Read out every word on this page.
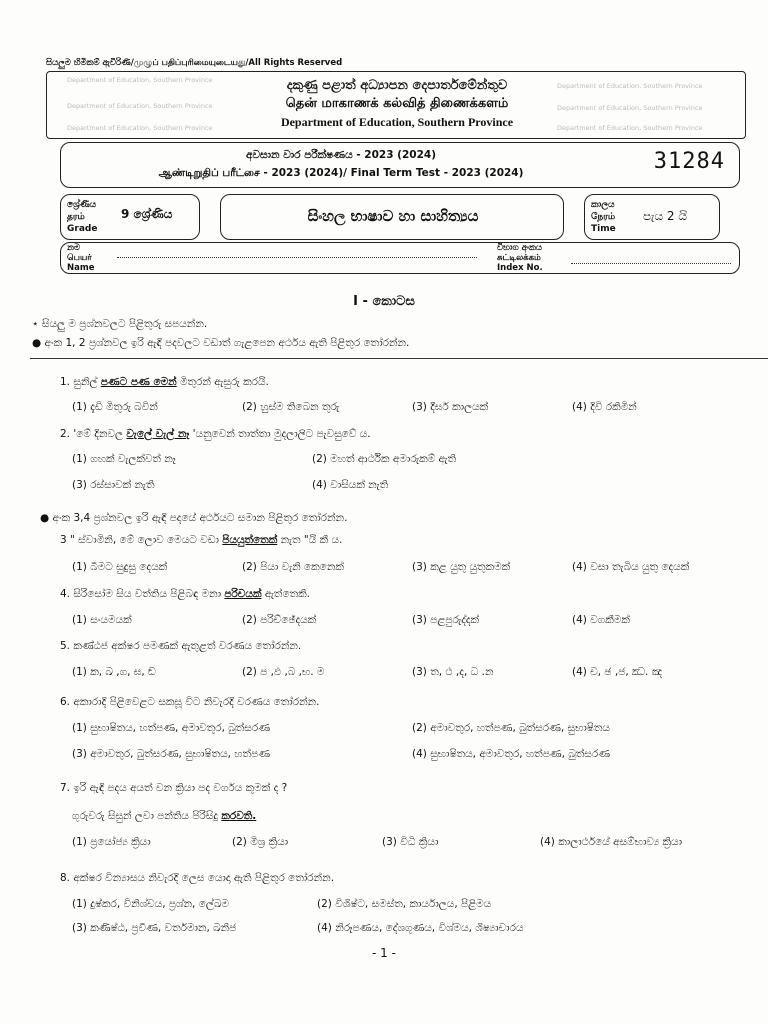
සියලුම හිමිකම් ඇවිරිණි/முழுப் பதிப்புரிமையுடையது/All Rights Reserved
Department of Education, Southern Province
Department of Education, Southern Province
Department of Education, Southern Province
Department of Education, Southern Province
Department of Education, Southern Province
Department of Education, Southern Province
දකුණු පළාත් අධ්‍යාපන දෙපාර්තමේන්තුව
தென் மாகாணக் கல்வித் திணைக்களம்
Department of Education, Southern Province
අවසාන වාර පරීක්ෂණය - 2023 (2024)
ஆண்டிறுதிப் பரீட்சை - 2023 (2024)/ Final Term Test - 2023 (2024)	31284
ශ්‍රේණිය
தரம்
Grade
9 ශ්‍රේණිය	සිංහල භාෂාව හා සාහිත්‍යය
කාලය
நேரம்
Time
පැය 2 යි
නම
பெயர்
Name
විභාග අංකය
சுட்டிலக்கம்
Index No.
I - කොටස
⋆ සියලු ම ප්‍රශ්නවලට පිළිතුරු සපයන්න.
● අංක 1, 2 ප්‍රශ්නවල ඉරි ඇඳි පදවලට වඩාත් ගැළපෙන අර්ථය ඇති පිළිතුර තෝරන්න.
1. සුනිල් පණට පණ මෙන් මිතුරන් ඇසුරු කරයි.
(1) දැඩි මිතුරු බවින්	(2) හුස්ම තිබෙන තුරු	(3) දීර්ඝ කාලයක්	(4) දිවි රකිමින්
2. 'මේ දිනවල වැලේ වැල් නෑ 'යනුවෙන් තාත්තා මුදලාලිට පැවසුවේ ය.
(1) ගහක් වැලක්වත් නෑ	(2) මහත් ආර්ථික අමාරුකම් ඇති
(3) රස්සාවක් නැති	(4) වාසියක් නැති
● අංක 3,4 ප්‍රශ්නවල ඉරි ඇඳි පදයේ අර්ථයට සමාන පිළිතුර තෝරන්න.
3 " ස්වාමිනි, මේ ලොව මෙයට වඩා පියයුත්තෙක් නැත "යි කී ය.
(1) බීමට සුදුසු දෙයක්	(2) පියා වැනි කෙනෙක්	(3) කළ යුතු යුතුකමක්	(4) වසා තැබිය යුතු දෙයක්
4. සිරිසෝම සිය වත්තිය පිළිබඳ මනා පරිචයක් ඇත්තෙකි.
(1) සංයමයක්	(2) පරිච්ඡේදයක්	(3) පළපුරුද්දක්	(4) වගකීමක්
5. කණ්ඨජ අක්ෂර පමණක් ඇතුළත් වරණය තෝරන්න.
(1) ක, ඛ ,ග, ඝ, ඞ	(2) ප ,ඵ ,බ ,භ. ම	(3) ත, ථ ,ද, ධ .න	(4) ච, ඡ ,ජ, ඣ. ඤ
6. අකාරාදි පිළිවෙළට සකසූ විට නිවැරදි වරණය තෝරන්න.
(1) සුභාෂිතය, හත්පණ, අමාවතුර, බුත්සරණ	(2) අමාවතුර, හත්පණ, බුත්සරණ, සුභාෂිතය
(3) අමාවතුර, බුත්සරණ, සුභාෂිතය, හත්පණ	(4) සුභාෂිතය, අමාවතුර, හත්පණ, බුත්සරණ
7. ඉරි ඇඳි පදය අයත් වන ක්‍රියා පද වර්ගය කුමක් ද ?
ගුරුවරු සිසුන් ලවා පන්තිය පිරිසිදු කරවති.
(1) ප්‍රයෝජ්‍ය ක්‍රියා	(2) මිශ්‍ර ක්‍රියා	(3) විධි ක්‍රියා	(4) කාලාර්ථයේ අසම්භාව්‍ය ක්‍රියා
8. අක්ෂර වින්‍යාසය නිවැරදි ලෙස යොදා ඇති පිළිතුර තෝරන්න.
(1) දුෂ්කර, විනිශ්චය, ප්‍රශ්න, ලේඛම	(2) විශිෂ්ට, සමස්ත, කාර්යාලය, පිළිමය
(3) කණිෂ්ඨ, ප්‍රවීණ, වර්තමාන, ඛනිජ	(4) නිරූපණය, දේශගුණය, විශ්මය, ශිෂ්‍යාචාරය
- 1 -
